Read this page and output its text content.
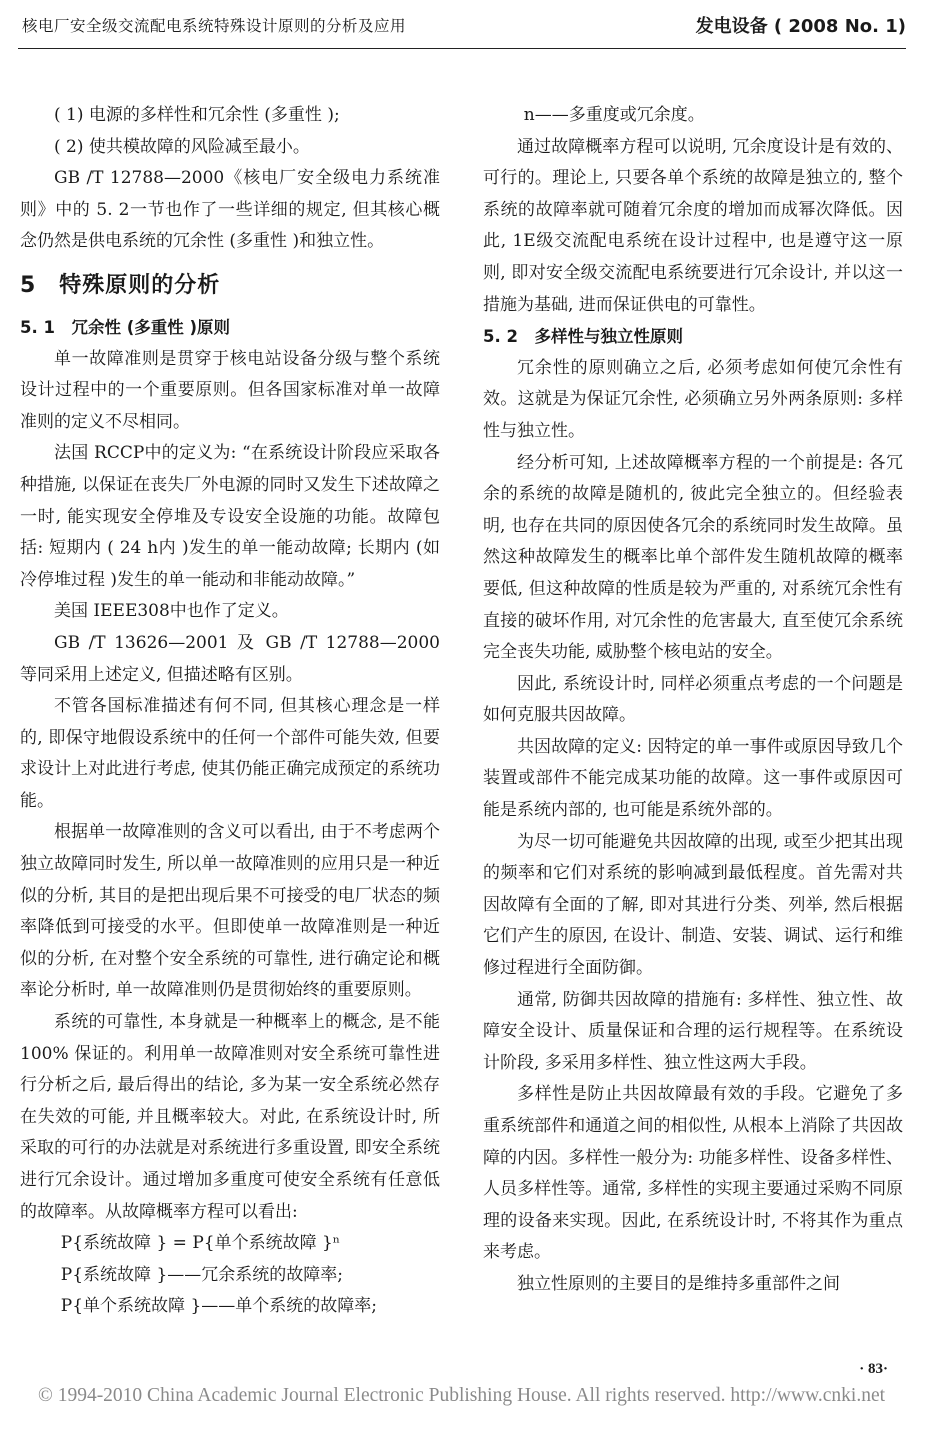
核电厂安全级交流配电系统特殊设计原则的分析及应用	发电设备 ( 2008 No. 1)

( 1) 电源的多样性和冗余性 (多重性 );

( 2) 使共模故障的风险减至最小。

GB /T 12788—2000《核电厂安全级电力系统准则》中的 5. 2一节也作了一些详细的规定, 但其核心概念仍然是供电系统的冗余性 (多重性 )和独立性。

5　特殊原则的分析
5. 1　冗余性 (多重性 )原则

单一故障准则是贯穿于核电站设备分级与整个系统设计过程中的一个重要原则。但各国家标准对单一故障准则的定义不尽相同。

法国 RCCP中的定义为: “在系统设计阶段应采取各种措施, 以保证在丧失厂外电源的同时又发生下述故障之一时, 能实现安全停堆及专设安全设施的功能。故障包括: 短期内 ( 24 h内 )发生的单一能动故障; 长期内 (如冷停堆过程 )发生的单一能动和非能动故障。”

美国 IEEE308中也作了定义。

GB /T 13626—2001 及 GB /T 12788—2000 等同采用上述定义, 但描述略有区别。

不管各国标准描述有何不同, 但其核心理念是一样的, 即保守地假设系统中的任何一个部件可能失效, 但要求设计上对此进行考虑, 使其仍能正确完成预定的系统功能。

根据单一故障准则的含义可以看出, 由于不考虑两个独立故障同时发生, 所以单一故障准则的应用只是一种近似的分析, 其目的是把出现后果不可接受的电厂状态的频率降低到可接受的水平。但即使单一故障准则是一种近似的分析, 在对整个安全系统的可靠性, 进行确定论和概率论分析时, 单一故障准则仍是贯彻始终的重要原则。

系统的可靠性, 本身就是一种概率上的概念, 是不能 100% 保证的。利用单一故障准则对安全系统可靠性进行分析之后, 最后得出的结论, 多为某一安全系统必然存在失效的可能, 并且概率较大。对此, 在系统设计时, 所采取的可行的办法就是对系统进行多重设置, 即安全系统进行冗余设计。通过增加多重度可使安全系统有任意低的故障率。从故障概率方程可以看出:

P{系统故障 } = P{单个系统故障 }ⁿ

P{系统故障 }——冗余系统的故障率;

P{单个系统故障 }——单个系统的故障率;

n——多重度或冗余度。

通过故障概率方程可以说明, 冗余度设计是有效的、可行的。理论上, 只要各单个系统的故障是独立的, 整个系统的故障率就可随着冗余度的增加而成幂次降低。因此, 1E级交流配电系统在设计过程中, 也是遵守这一原则, 即对安全级交流配电系统要进行冗余设计, 并以这一措施为基础, 进而保证供电的可靠性。

5. 2　多样性与独立性原则

冗余性的原则确立之后, 必须考虑如何使冗余性有效。这就是为保证冗余性, 必须确立另外两条原则: 多样性与独立性。

经分析可知, 上述故障概率方程的一个前提是: 各冗余的系统的故障是随机的, 彼此完全独立的。但经验表明, 也存在共同的原因使各冗余的系统同时发生故障。虽然这种故障发生的概率比单个部件发生随机故障的概率要低, 但这种故障的性质是较为严重的, 对系统冗余性有直接的破坏作用, 对冗余性的危害最大, 直至使冗余系统完全丧失功能, 威胁整个核电站的安全。

因此, 系统设计时, 同样必须重点考虑的一个问题是如何克服共因故障。

共因故障的定义: 因特定的单一事件或原因导致几个装置或部件不能完成某功能的故障。这一事件或原因可能是系统内部的, 也可能是系统外部的。

为尽一切可能避免共因故障的出现, 或至少把其出现的频率和它们对系统的影响减到最低程度。首先需对共因故障有全面的了解, 即对其进行分类、列举, 然后根据它们产生的原因, 在设计、制造、安装、调试、运行和维修过程进行全面防御。

通常, 防御共因故障的措施有: 多样性、独立性、故障安全设计、质量保证和合理的运行规程等。在系统设计阶段, 多采用多样性、独立性这两大手段。

多样性是防止共因故障最有效的手段。它避免了多重系统部件和通道之间的相似性, 从根本上消除了共因故障的内因。多样性一般分为: 功能多样性、设备多样性、人员多样性等。通常, 多样性的实现主要通过采购不同原理的设备来实现。因此, 在系统设计时, 不将其作为重点来考虑。

独立性原则的主要目的是维持多重部件之间

· 83·
© 1994-2010 China Academic Journal Electronic Publishing House. All rights reserved. http://www.cnki.net
